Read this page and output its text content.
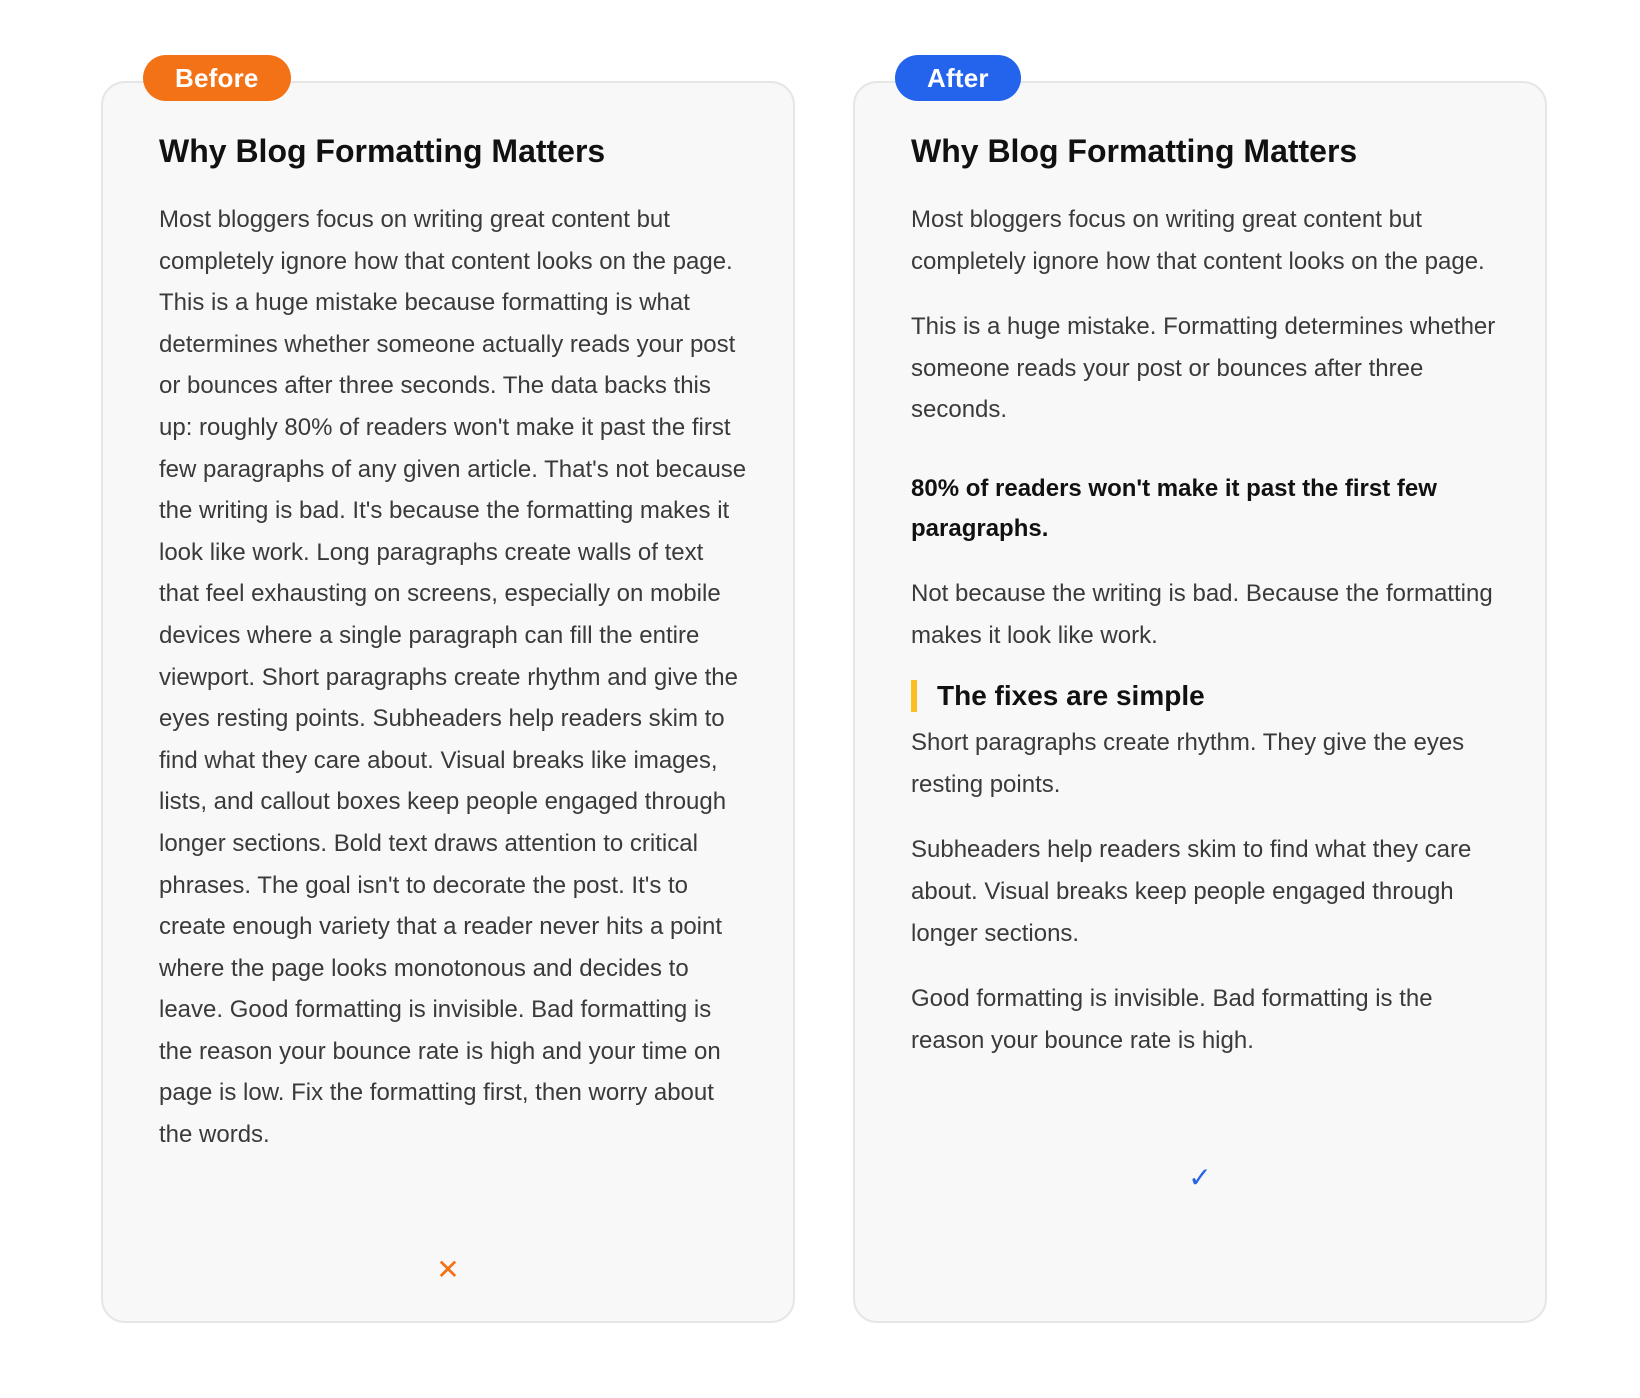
Before
Why Blog Formatting Matters

Most bloggers focus on writing great content but completely ignore how that content looks on the page. This is a huge mistake because formatting is what determines whether someone actually reads your post or bounces after three seconds. The data backs this up: roughly 80% of readers won't make it past the first few paragraphs of any given article. That's not because the writing is bad. It's because the formatting makes it look like work. Long paragraphs create walls of text that feel exhausting on screens, especially on mobile devices where a single paragraph can fill the entire viewport. Short paragraphs create rhythm and give the eyes resting points. Subheaders help readers skim to find what they care about. Visual breaks like images, lists, and callout boxes keep people engaged through longer sections. Bold text draws attention to critical phrases. The goal isn't to decorate the post. It's to create enough variety that a reader never hits a point where the page looks monotonous and decides to leave. Good formatting is invisible. Bad formatting is the reason your bounce rate is high and your time on page is low. Fix the formatting first, then worry about the words.

✕
After
Why Blog Formatting Matters

Most bloggers focus on writing great content but completely ignore how that content looks on the page.

This is a huge mistake. Formatting determines whether someone reads your post or bounces after three seconds.

80% of readers won't make it past the first few paragraphs.

Not because the writing is bad. Because the formatting makes it look like work.

The fixes are simple

Short paragraphs create rhythm. They give the eyes resting points.

Subheaders help readers skim to find what they care about. Visual breaks keep people engaged through longer sections.

Good formatting is invisible. Bad formatting is the reason your bounce rate is high.

✓
